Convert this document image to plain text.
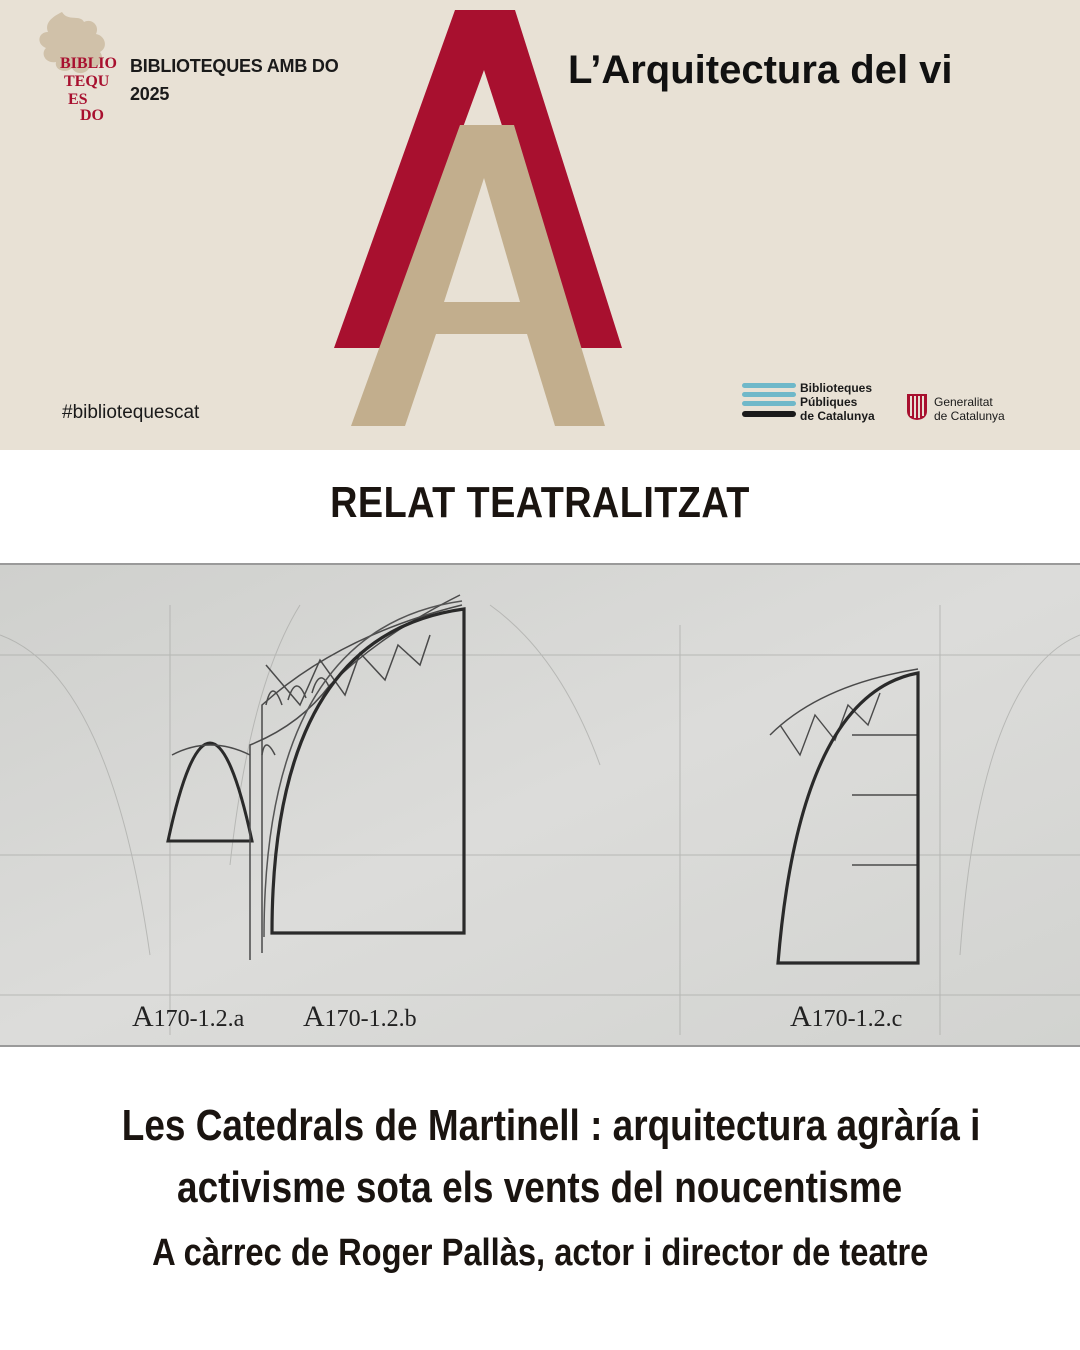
BIBLIO
TEQU
ES
DO
BIBLIOTEQUES AMB DO
2025
L’Arquitectura del vi
#bibliotequescat
Biblioteques
Públiques
de Catalunya
Generalitat
de Catalunya
RELAT TEATRALITZAT
A170-1.2.a A170-1.2.b	A170-1.2.c
Les Catedrals de Martinell : arquitectura agràría i
activisme sota els vents del noucentisme
A càrrec de Roger Pallàs, actor i director de teatre
